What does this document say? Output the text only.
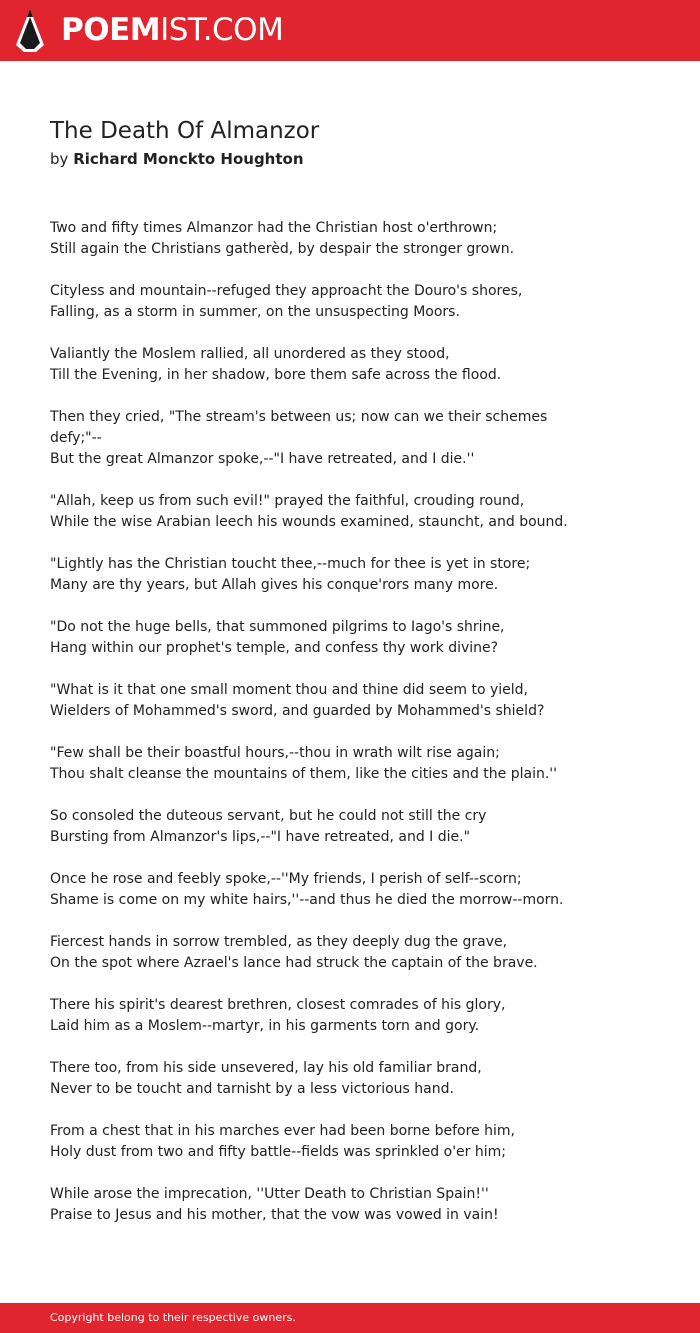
POEMIST.COM
The Death Of Almanzor
by Richard Monckto Houghton
Two and fifty times Almanzor had the Christian host o'erthrown;
Still again the Christians gatherèd, by despair the stronger grown.
Cityless and mountain--refuged they approacht the Douro's shores,
Falling, as a storm in summer, on the unsuspecting Moors.
Valiantly the Moslem rallied, all unordered as they stood,
Till the Evening, in her shadow, bore them safe across the flood.
Then they cried, "The stream's between us; now can we their schemes
defy;"--
But the great Almanzor spoke,--"I have retreated, and I die.''
"Allah, keep us from such evil!" prayed the faithful, crouding round,
While the wise Arabian leech his wounds examined, stauncht, and bound.
"Lightly has the Christian toucht thee,--much for thee is yet in store;
Many are thy years, but Allah gives his conque'rors many more.
"Do not the huge bells, that summoned pilgrims to Iago's shrine,
Hang within our prophet's temple, and confess thy work divine?
"What is it that one small moment thou and thine did seem to yield,
Wielders of Mohammed's sword, and guarded by Mohammed's shield?
"Few shall be their boastful hours,--thou in wrath wilt rise again;
Thou shalt cleanse the mountains of them, like the cities and the plain.''
So consoled the duteous servant, but he could not still the cry
Bursting from Almanzor's lips,--"I have retreated, and I die."
Once he rose and feebly spoke,--''My friends, I perish of self--scorn;
Shame is come on my white hairs,''--and thus he died the morrow--morn.
Fiercest hands in sorrow trembled, as they deeply dug the grave,
On the spot where Azrael's lance had struck the captain of the brave.
There his spirit's dearest brethren, closest comrades of his glory,
Laid him as a Moslem--martyr, in his garments torn and gory.
There too, from his side unsevered, lay his old familiar brand,
Never to be toucht and tarnisht by a less victorious hand.
From a chest that in his marches ever had been borne before him,
Holy dust from two and fifty battle--fields was sprinkled o'er him;
While arose the imprecation, ''Utter Death to Christian Spain!''
Praise to Jesus and his mother, that the vow was vowed in vain!
Copyright belong to their respective owners.
